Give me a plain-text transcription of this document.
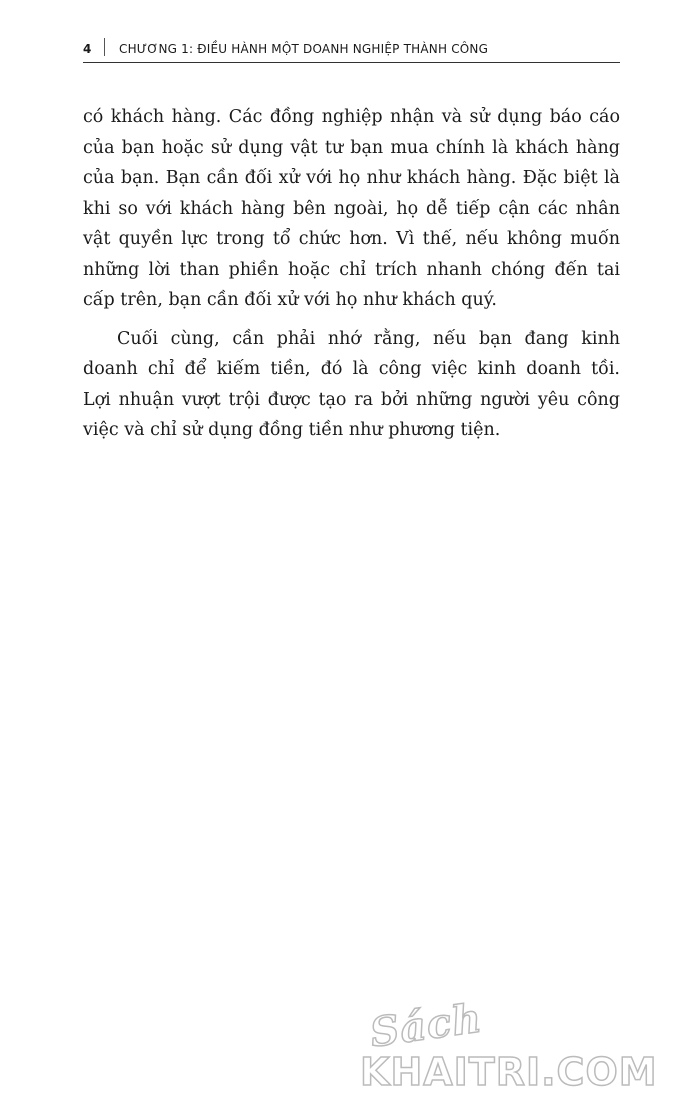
4 CHƯƠNG 1: ĐIỀU HÀNH MỘT DOANH NGHIỆP THÀNH CÔNG
có khách hàng. Các đồng nghiệp nhận và sử dụng báo cáo
của bạn hoặc sử dụng vật tư bạn mua chính là khách hàng
của bạn. Bạn cần đối xử với họ như khách hàng. Đặc biệt là
khi so với khách hàng bên ngoài, họ dễ tiếp cận các nhân
vật quyền lực trong tổ chức hơn. Vì thế, nếu không muốn
những lời than phiền hoặc chỉ trích nhanh chóng đến tai
cấp trên, bạn cần đối xử với họ như khách quý.
Cuối cùng, cần phải nhớ rằng, nếu bạn đang kinh
doanh chỉ để kiếm tiền, đó là công việc kinh doanh tồi.
Lợi nhuận vượt trội được tạo ra bởi những người yêu công
việc và chỉ sử dụng đồng tiền như phương tiện.
Sách
KHAITRI.COM
